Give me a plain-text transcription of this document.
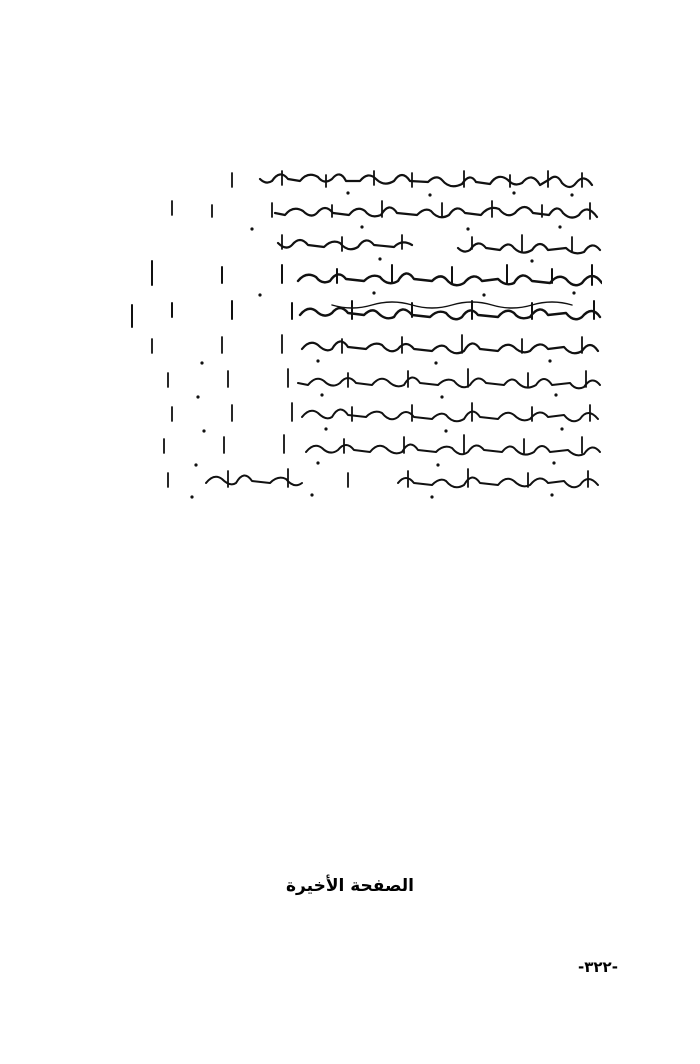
الصفحة الأخيرة
-٣٢٢-
